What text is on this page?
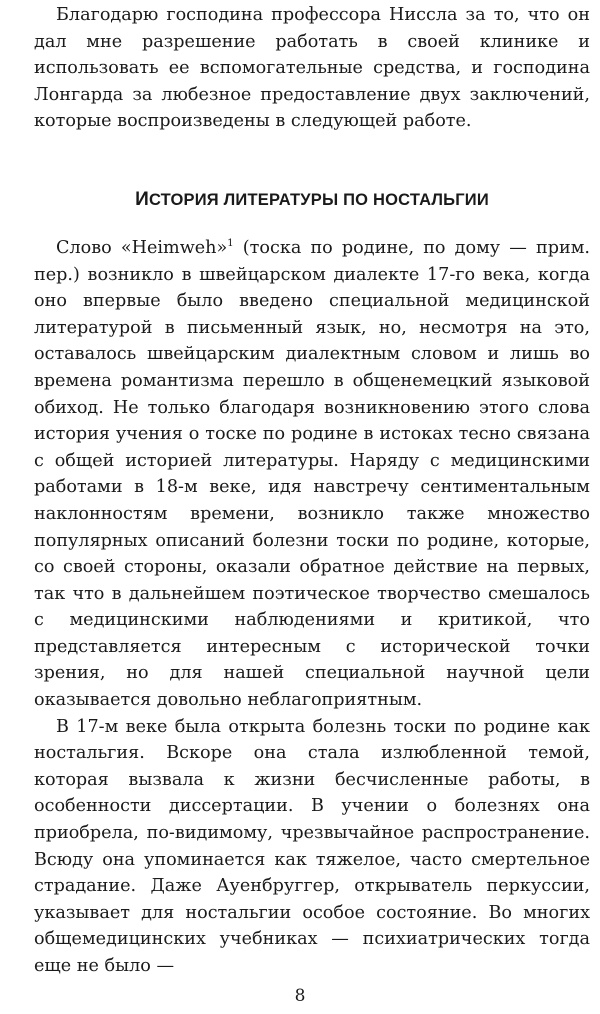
Благодарю господина профессора Ниссла за то, что он дал мне разрешение работать в своей клинике и использовать ее вспомогательные средства, и господина Лонгарда за любезное предоставление двух заключений, которые воспроизведены в следующей работе.

ИСТОРИЯ ЛИТЕРАТУРЫ ПО НОСТАЛЬГИИ

Слово «Heimweh»$^1$ (тоска по родине, по дому — прим. пер.) возникло в швейцарском диалекте 17-го века, когда оно впервые было введено специальной медицинской литературой в письменный язык, но, несмотря на это, оставалось швейцарским диалектным словом и лишь во времена романтизма перешло в общенемецкий языковой обиход. Не только благодаря возникновению этого слова история учения о тоске по родине в истоках тесно связана с общей историей литературы. Наряду с медицинскими работами в 18-м веке, идя навстречу сентиментальным наклонностям времени, возникло также множество популярных описаний болезни тоски по родине, которые, со своей стороны, оказали обратное действие на первых, так что в дальнейшем поэтическое творчество смешалось с медицинскими наблюдениями и критикой, что представляется интересным с исторической точки зрения, но для нашей специальной научной цели оказывается довольно неблагоприятным.

В 17-м веке была открыта болезнь тоски по родине как ностальгия. Вскоре она стала излюбленной темой, которая вызвала к жизни бесчисленные работы, в особенности диссертации. В учении о болезнях она приобрела, по-видимому, чрезвычайное распространение. Всюду она упоминается как тяжелое, часто смертельное страдание. Даже Ауенбруггер, открыватель перкуссии, указывает для ностальгии особое состояние. Во многих общемедицинских учебниках — психиатрических тогда еще не было —

8
